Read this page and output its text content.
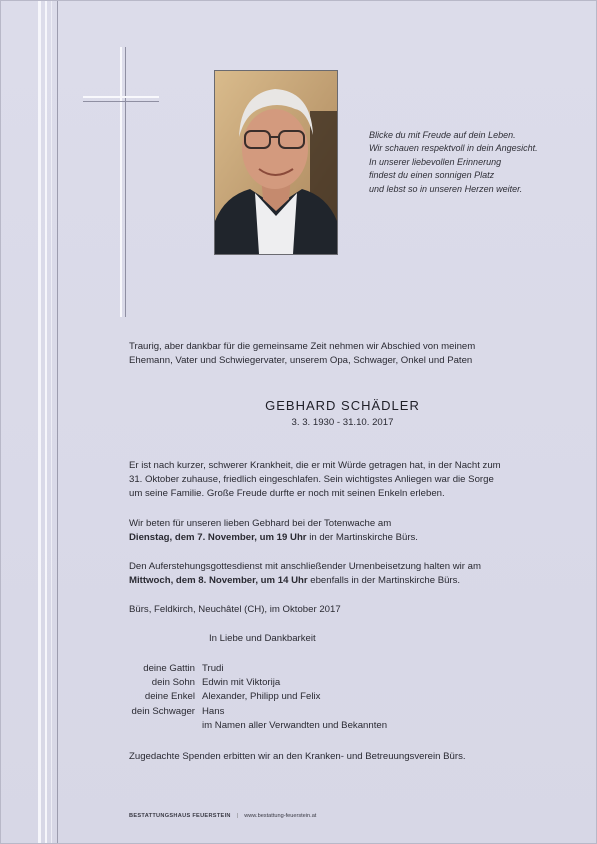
Blicke du mit Freude auf dein Leben.
Wir schauen respektvoll in dein Angesicht.
In unserer liebevollen Erinnerung
findest du einen sonnigen Platz
und lebst so in unseren Herzen weiter.
Traurig, aber dankbar für die gemeinsame Zeit nehmen wir Abschied von meinem
Ehemann, Vater und Schwiegervater, unserem Opa, Schwager, Onkel und Paten
GEBHARD SCHÄDLER
3. 3. 1930 - 31.10. 2017
Er ist nach kurzer, schwerer Krankheit, die er mit Würde getragen hat, in der Nacht zum
31. Oktober zuhause, friedlich eingeschlafen. Sein wichtigstes Anliegen war die Sorge
um seine Familie. Große Freude durfte er noch mit seinen Enkeln erleben.
Wir beten für unseren lieben Gebhard bei der Totenwache am
Dienstag, dem 7. November, um 19 Uhr in der Martinskirche Bürs.
Den Auferstehungsgottesdienst mit anschließender Urnenbeisetzung halten wir am
Mittwoch, dem 8. November, um 14 Uhr ebenfalls in der Martinskirche Bürs.
Bürs, Feldkirch, Neuchâtel (CH), im Oktober 2017
In Liebe und Dankbarkeit
deine Gattin Trudi
dein Sohn Edwin mit Viktorija
deine Enkel Alexander, Philipp und Felix
dein Schwager Hans
im Namen aller Verwandten und Bekannten
Zugedachte Spenden erbitten wir an den Kranken- und Betreuungsverein Bürs.
BESTATTUNGSHAUS FEUERSTEIN | www.bestattung-feuerstein.at
